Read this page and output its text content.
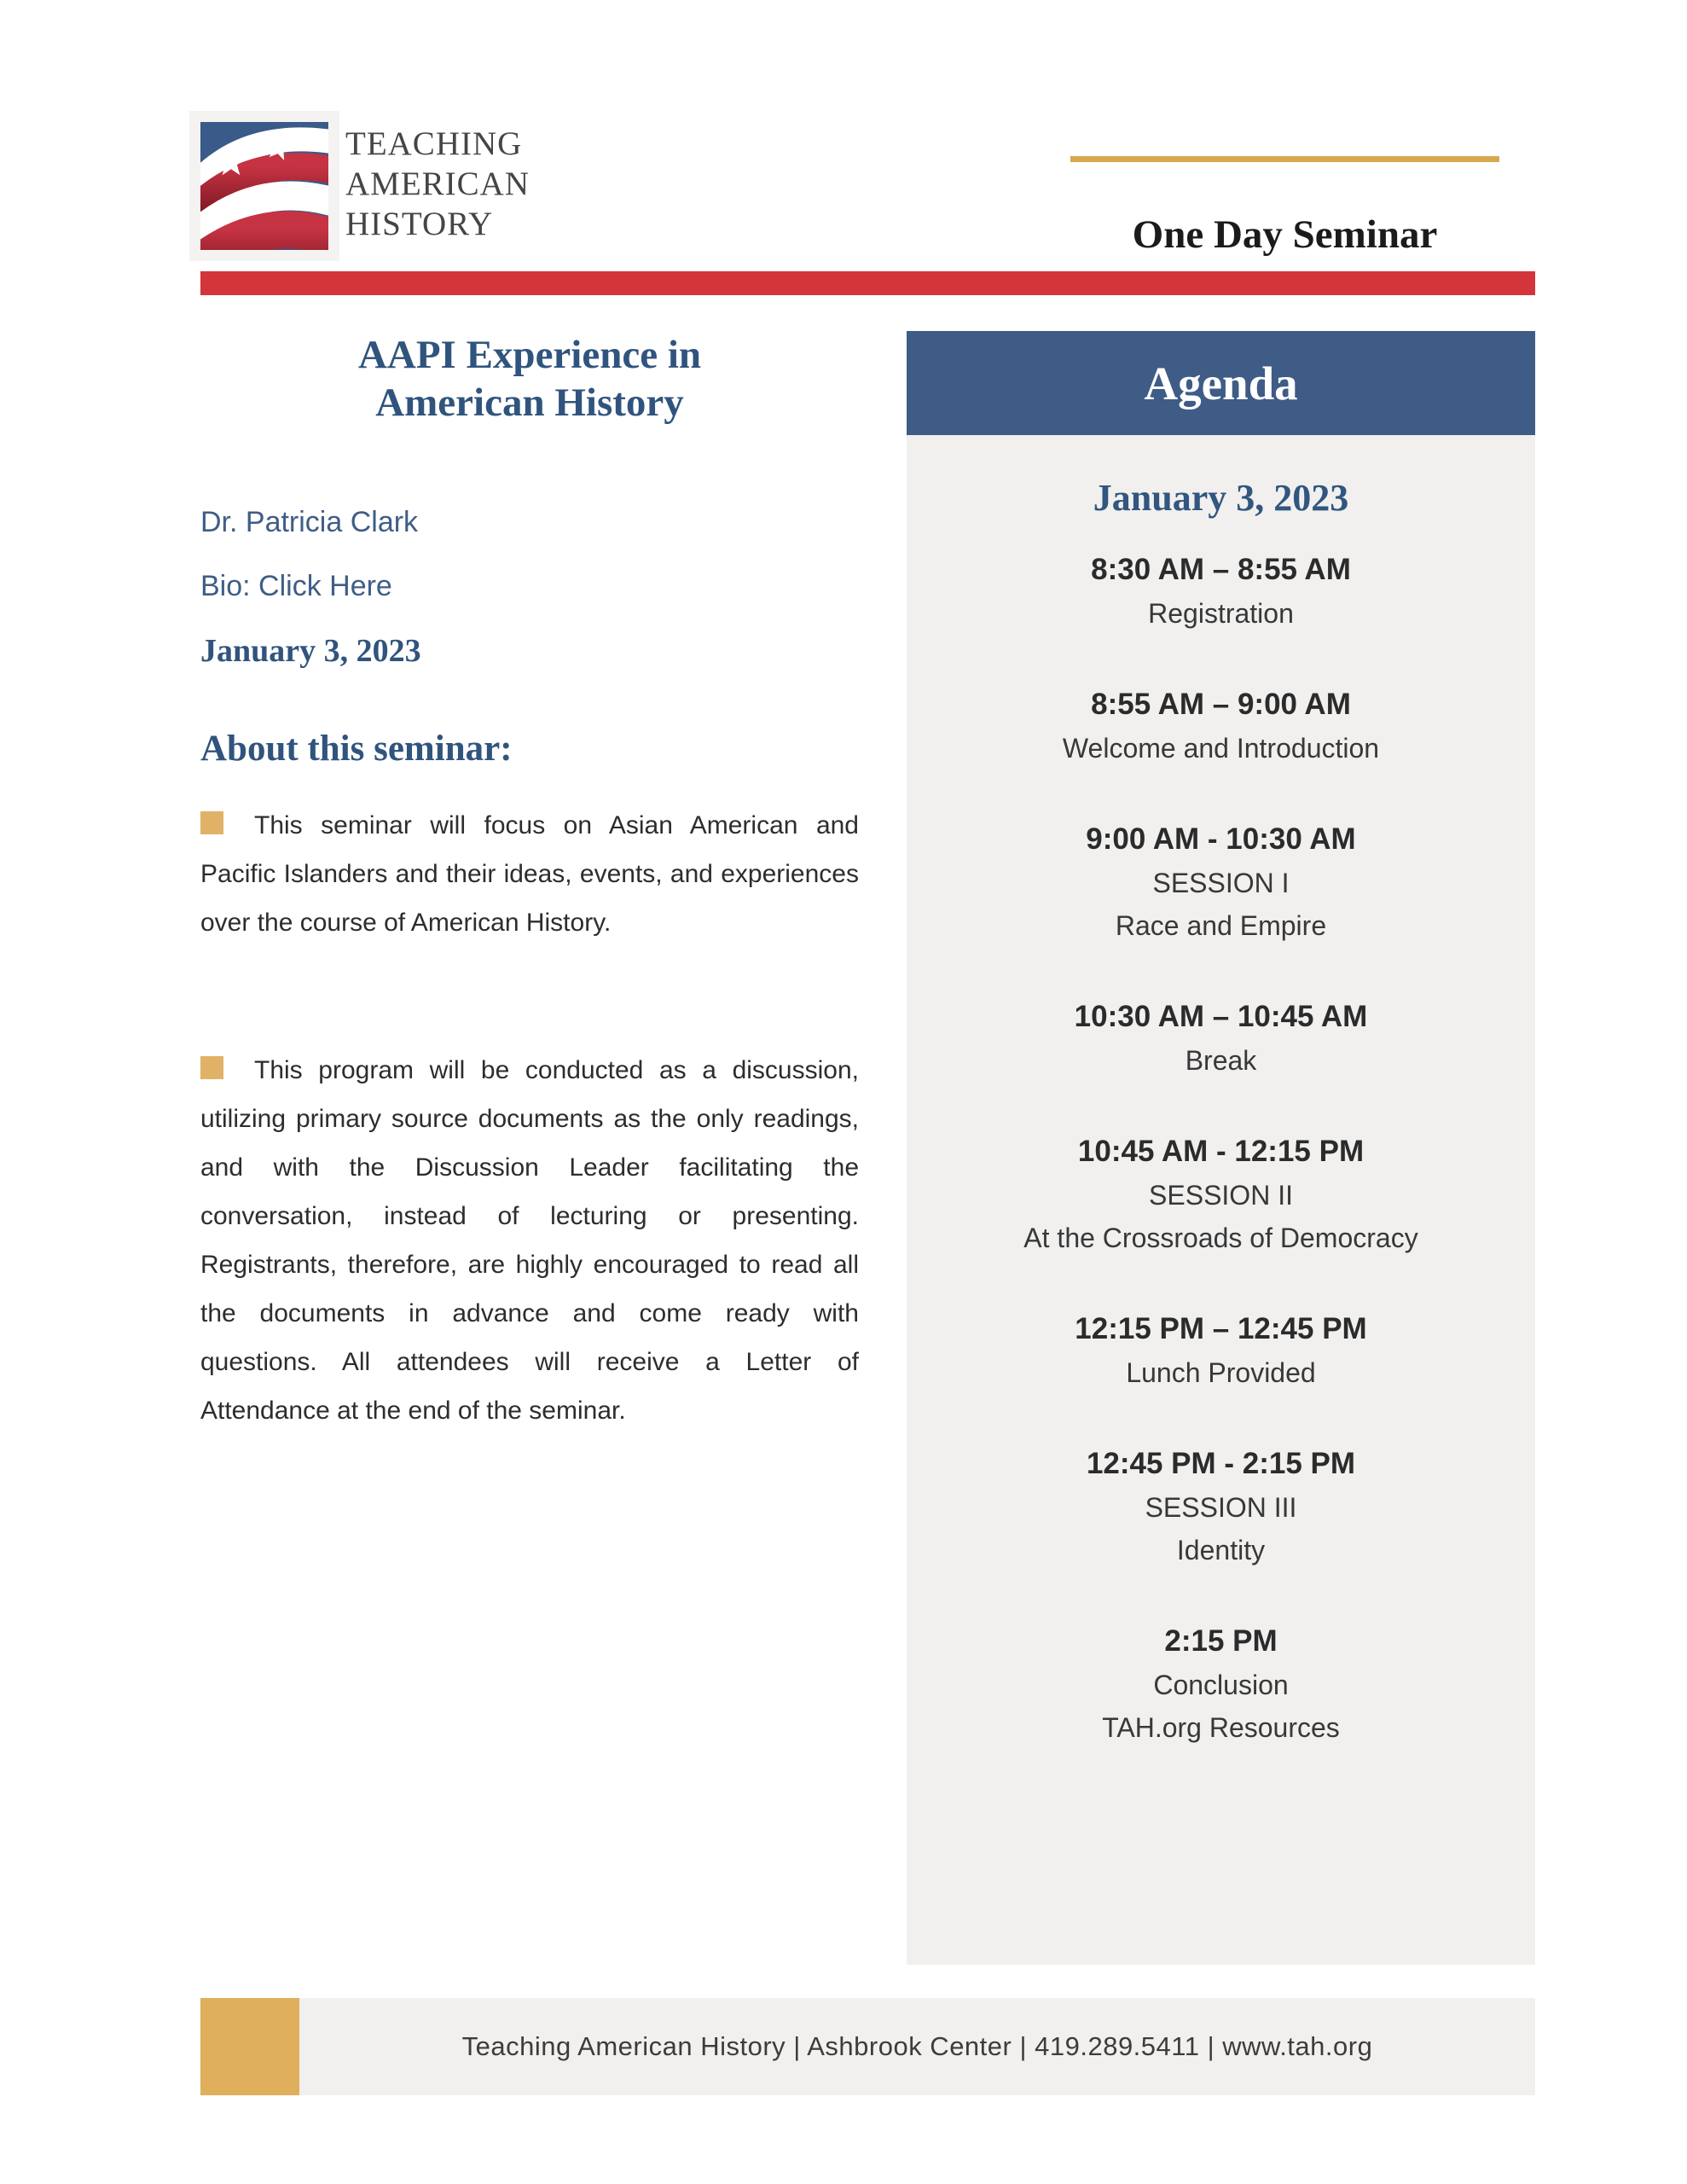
TEACHING
AMERICAN
HISTORY	One Day Seminar
AAPI Experience in
American History
Dr. Patricia Clark
Bio: Click Here
January 3, 2023
About this seminar:

This seminar will focus on Asian American and Pacific Islanders and their ideas, events, and experiences over the course of American History.

This program will be conducted as a discussion, utilizing primary source documents as the only readings, and with the Discussion Leader facilitating the conversation, instead of lecturing or presenting. Registrants, therefore, are highly encouraged to read all the documents in advance and come ready with questions. All attendees will receive a Letter of Attendance at the end of the seminar.

Agenda
January 3, 2023
8:30 AM – 8:55 AM
Registration
8:55 AM – 9:00 AM
Welcome and Introduction
9:00 AM - 10:30 AM
SESSION I
Race and Empire
10:30 AM – 10:45 AM
Break
10:45 AM - 12:15 PM
SESSION II
At the Crossroads of Democracy
12:15 PM – 12:45 PM
Lunch Provided
12:45 PM - 2:15 PM
SESSION III
Identity
2:15 PM
Conclusion
TAH.org Resources
Teaching American History | Ashbrook Center | 419.289.5411 | www.tah.org
